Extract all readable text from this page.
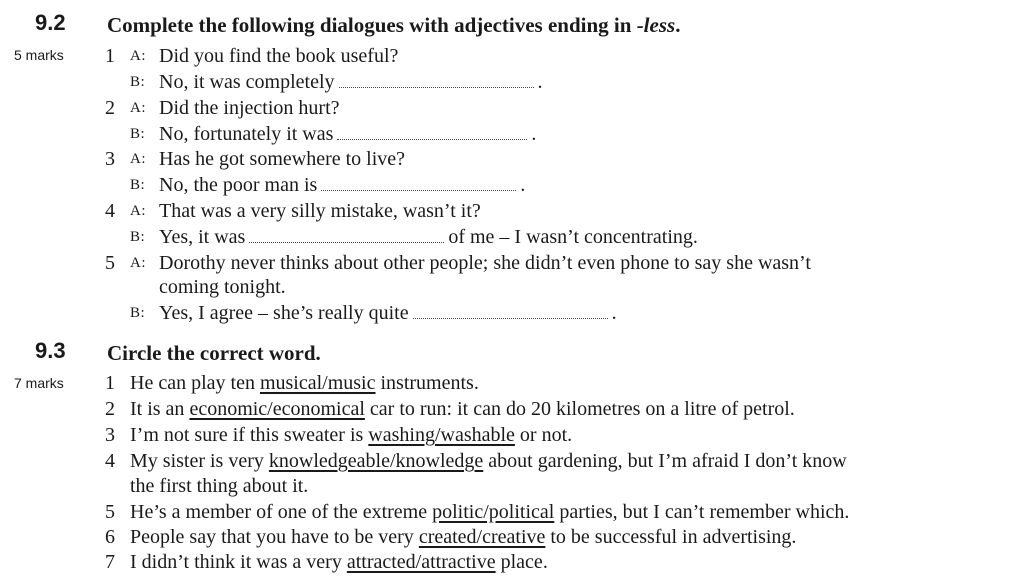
9.2
5 marks
Complete the following dialogues with adjectives ending in -less.
1 A: Did you find the book useful?
B: No, it was completely	.
2 A: Did the injection hurt?
B: No, fortunately it was	.
3 A: Has he got somewhere to live?
B: No, the poor man is	.
4 A: That was a very silly mistake, wasn’t it?
B: Yes, it was	of me – I wasn’t concentrating.
5 A: Dorothy never thinks about other people; she didn’t even phone to say she wasn’t
coming tonight.
B: Yes, I agree – she’s really quite	.
9.3
7 marks
Circle the correct word.
1 He can play ten musical/music instruments.
2 It is an economic/economical car to run: it can do 20 kilometres on a litre of petrol.
3 I’m not sure if this sweater is washing/washable or not.
4 My sister is very knowledgeable/knowledge about gardening, but I’m afraid I don’t know
the first thing about it.
5 He’s a member of one of the extreme politic/political parties, but I can’t remember which.
6 People say that you have to be very created/creative to be successful in advertising.
7 I didn’t think it was a very attracted/attractive place.
